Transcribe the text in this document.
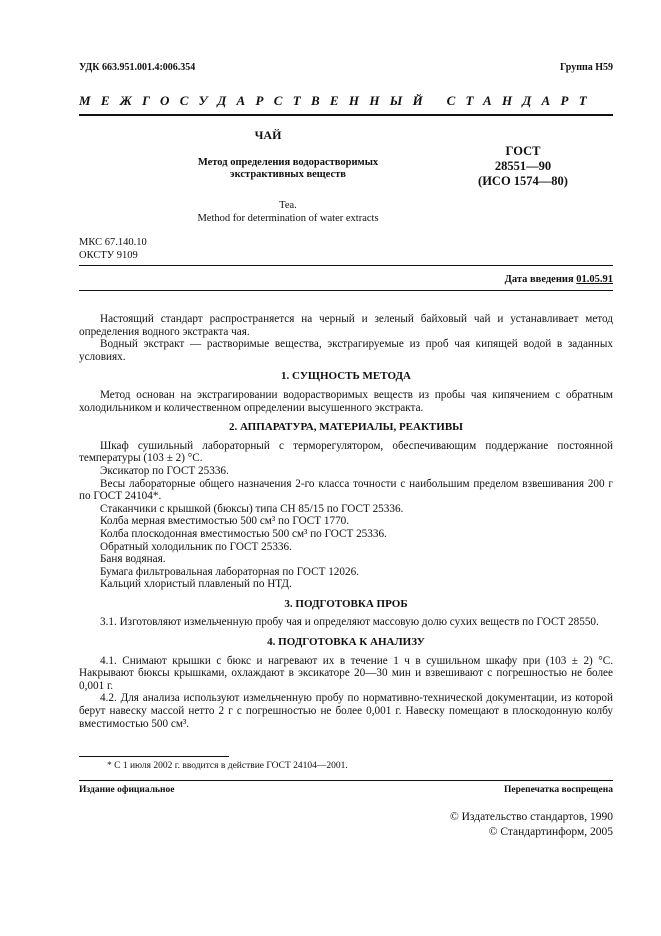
УДК 663.951.001.4:006.354	Группа Н59
МЕЖГОСУДАРСТВЕННЫЙ СТАНДАРТ
ЧАЙ
Метод определения водорастворимых
экстрактивных веществ
Tea.
Method for determination of water extracts
ГОСТ
28551—90
(ИСО 1574—80)
МКС 67.140.10
ОКСТУ 9109
Дата введения 01.05.91

Настоящий стандарт распространяется на черный и зеленый байховый чай и устанавливает метод определения водного экстракта чая.

Водный экстракт — растворимые вещества, экстрагируемые из проб чая кипящей водой в заданных условиях.

1. СУЩНОСТЬ МЕТОДА

Метод основан на экстрагировании водорастворимых веществ из пробы чая кипячением с обратным холодильником и количественном определении высушенного экстракта.

2. АППАРАТУРА, МАТЕРИАЛЫ, РЕАКТИВЫ

Шкаф сушильный лабораторный с терморегулятором, обеспечивающим поддержание постоянной температуры (103 ± 2) °С.

Эксикатор по ГОСТ 25336.

Весы лабораторные общего назначения 2-го класса точности с наибольшим пределом взвешивания 200 г по ГОСТ 24104*.

Стаканчики с крышкой (бюксы) типа СН 85/15 по ГОСТ 25336.

Колба мерная вместимостью 500 см³ по ГОСТ 1770.

Колба плоскодонная вместимостью 500 см³ по ГОСТ 25336.

Обратный холодильник по ГОСТ 25336.

Баня водяная.

Бумага фильтровальная лабораторная по ГОСТ 12026.

Кальций хлористый плавленый по НТД.

3. ПОДГОТОВКА ПРОБ

3.1. Изготовляют измельченную пробу чая и определяют массовую долю сухих веществ по ГОСТ 28550.

4. ПОДГОТОВКА К АНАЛИЗУ

4.1. Снимают крышки с бюкс и нагревают их в течение 1 ч в сушильном шкафу при (103 ± 2) °С. Накрывают бюксы крышками, охлаждают в эксикаторе 20—30 мин и взвешивают с погрешностью не более 0,001 г.

4.2. Для анализа используют измельченную пробу по нормативно-технической документации, из которой берут навеску массой нетто 2 г с погрешностью не более 0,001 г. Навеску помещают в плоскодонную колбу вместимостью 500 см³.

* С 1 июля 2002 г. вводится в действие ГОСТ 24104—2001.
Издание официальное	Перепечатка воспрещена
© Издательство стандартов, 1990
© Стандартинформ, 2005
